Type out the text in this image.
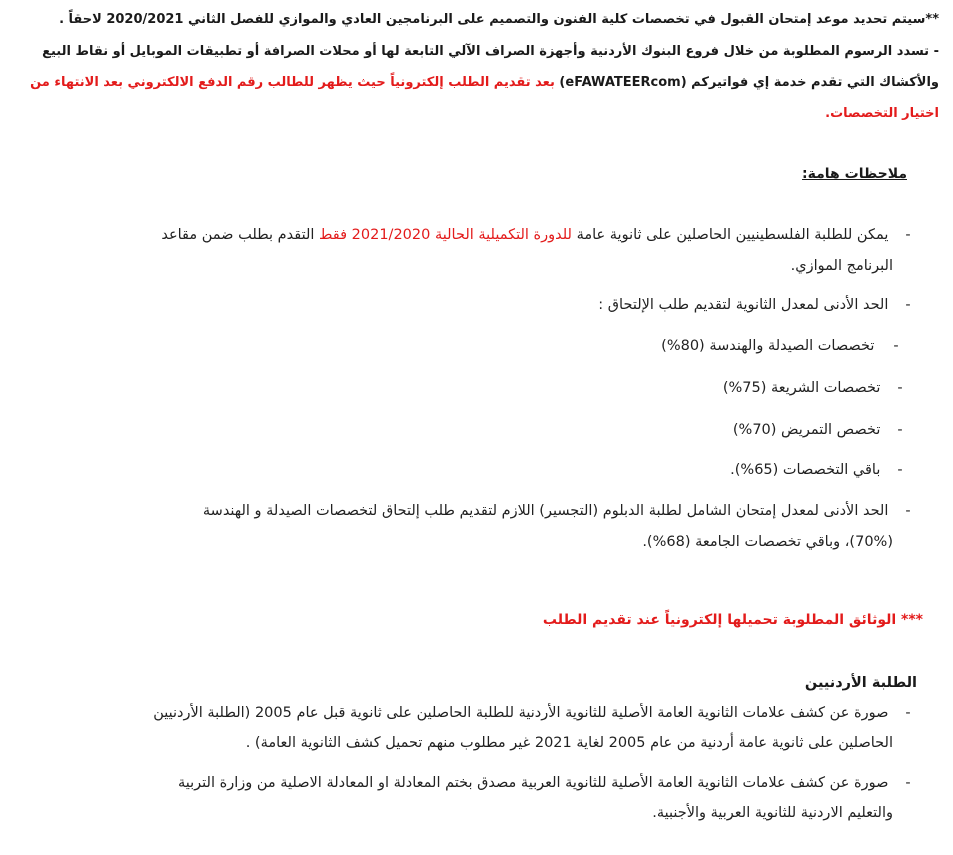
**سيتم تحديد موعد إمتحان القبول في تخصصات كلية الفنون والتصميم على البرنامجين العادي والموازي للفصل الثاني 2020/2021 لاحقاً .
- تسدد الرسوم المطلوبة من خلال فروع البنوك الأردنية وأجهزة الصراف الآلي التابعة لها أو محلات الصرافة أو تطبيقات الموبايل أو نقاط البيع
والأكشاك التي تقدم خدمة إي فواتيركم (eFAWATEERcom) بعد تقديم الطلب إلكترونياً حيث يظهر للطالب رقم الدفع الالكتروني بعد الانتهاء من
اختيار التخصصات.
ملاحظات هامة:
- يمكن للطلبة الفلسطينيين الحاصلين على ثانوية عامة للدورة التكميلية الحالية 2021/2020 فقط التقدم بطلب ضمن مقاعد
البرنامج الموازي.
- الحد الأدنى لمعدل الثانوية لتقديم طلب الإلتحاق :
- تخصصات الصيدلة والهندسة (80%)
- تخصصات الشريعة (75%)
- تخصص التمريض (70%)
- باقي التخصصات (65%).
- الحد الأدنى لمعدل إمتحان الشامل لطلبة الدبلوم (التجسير) اللازم لتقديم طلب إلتحاق لتخصصات الصيدلة و الهندسة
(70%)، وباقي تخصصات الجامعة (68%).
*** الوثائق المطلوبة تحميلها إلكترونياً عند تقديم الطلب
الطلبة الأردنيين
- صورة عن كشف علامات الثانوية العامة الأصلية للثانوية الأردنية للطلبة الحاصلين على ثانوية قبل عام 2005 (الطلبة الأردنيين
الحاصلين على ثانوية عامة أردنية من عام 2005 لغاية 2021 غير مطلوب منهم تحميل كشف الثانوية العامة) .
- صورة عن كشف علامات الثانوية العامة الأصلية للثانوية العربية مصدق بختم المعادلة او المعادلة الاصلية من وزارة التربية
والتعليم الاردنية للثانوية العربية والأجنبية.
